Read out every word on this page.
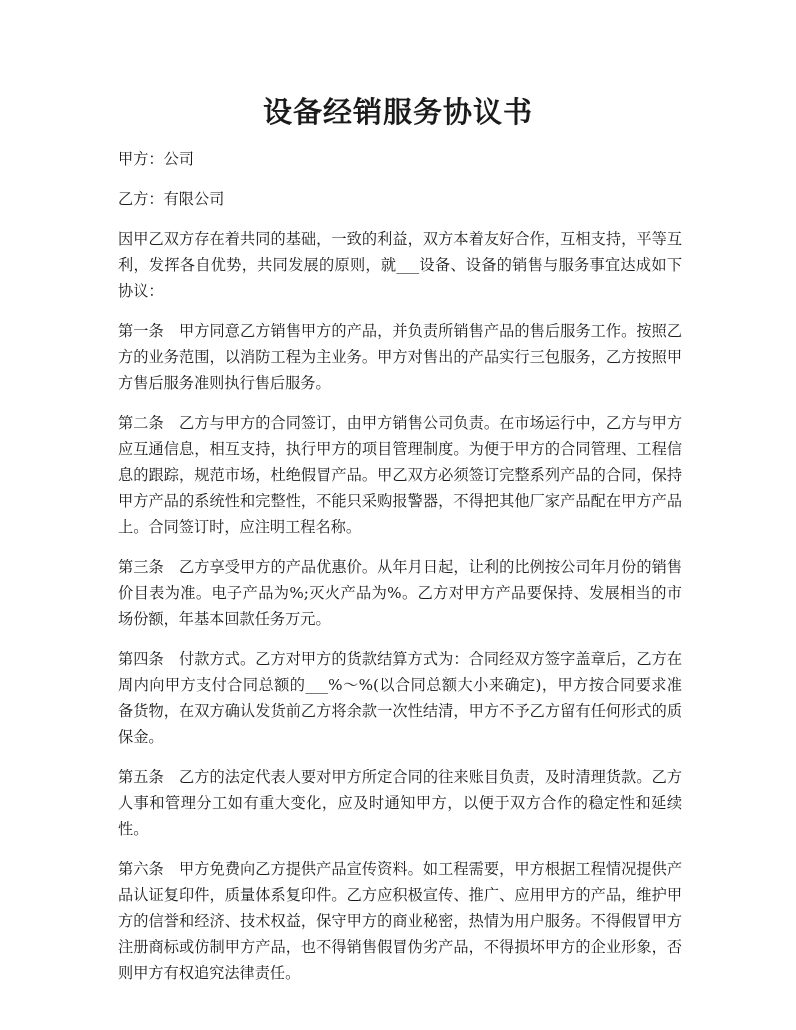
设备经销服务协议书

甲方：公司

乙方：有限公司

因甲乙双方存在着共同的基础，一致的利益，双方本着友好合作，互相支持，平等互利，发挥各自优势，共同发展的原则，就___设备、设备的销售与服务事宜达成如下协议：

第一条　甲方同意乙方销售甲方的产品，并负责所销售产品的售后服务工作。按照乙方的业务范围，以消防工程为主业务。甲方对售出的产品实行三包服务，乙方按照甲方售后服务准则执行售后服务。

第二条　乙方与甲方的合同签订，由甲方销售公司负责。在市场运行中，乙方与甲方应互通信息，相互支持，执行甲方的项目管理制度。为便于甲方的合同管理、工程信息的跟踪，规范市场，杜绝假冒产品。甲乙双方必须签订完整系列产品的合同，保持甲方产品的系统性和完整性，不能只采购报警器，不得把其他厂家产品配在甲方产品上。合同签订时，应注明工程名称。

第三条　乙方享受甲方的产品优惠价。从年月日起，让利的比例按公司年月份的销售价目表为准。电子产品为%;灭火产品为%。乙方对甲方产品要保持、发展相当的市场份额，年基本回款任务万元。

第四条　付款方式。乙方对甲方的货款结算方式为：合同经双方签字盖章后，乙方在周内向甲方支付合同总额的___%～%(以合同总额大小来确定)，甲方按合同要求准备货物，在双方确认发货前乙方将余款一次性结清，甲方不予乙方留有任何形式的质保金。

第五条　乙方的法定代表人要对甲方所定合同的往来账目负责，及时清理货款。乙方人事和管理分工如有重大变化，应及时通知甲方，以便于双方合作的稳定性和延续性。

第六条　甲方免费向乙方提供产品宣传资料。如工程需要，甲方根据工程情况提供产品认证复印件，质量体系复印件。乙方应积极宣传、推广、应用甲方的产品，维护甲方的信誉和经济、技术权益，保守甲方的商业秘密，热情为用户服务。不得假冒甲方注册商标或仿制甲方产品，也不得销售假冒伪劣产品，不得损坏甲方的企业形象，否则甲方有权追究法律责任。
